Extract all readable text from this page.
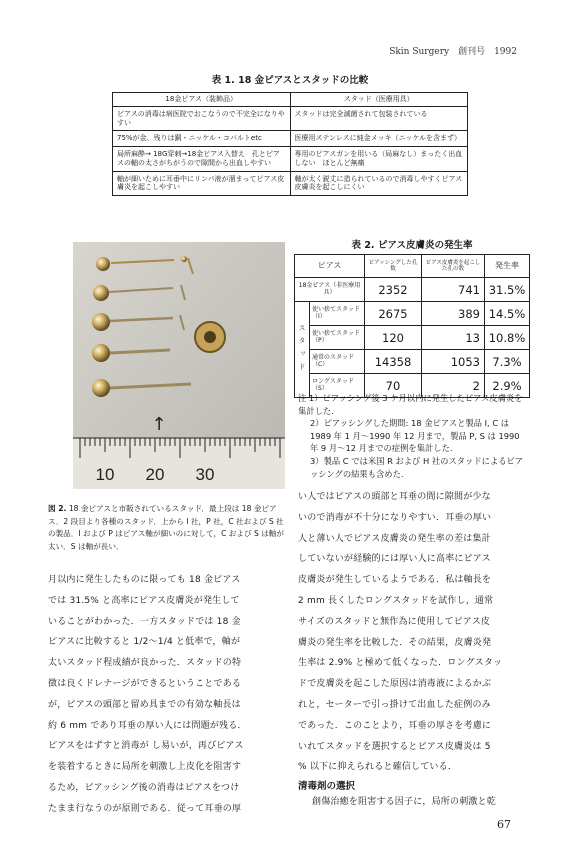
Skin Surgery　創刊号　1992
表 1. 18 金ピアスとスタッドの比較
18金ピアス（装飾品）	スタッド（医療用具）
ピアスの消毒は病医院でおこなうので不完全になりやすい	スタッドは完全滅菌されて包装されている
75%が金、残りは銅・ニッケル・コバルトetc	医療用ステンレスに純金メッキ（ニッケルを含まず）
局所麻酔→ 18G穿刺→18金ピアス入替え　孔とピアスの軸の太さがちがうので隙間から出血しやすい	専用のピアスガンを用いる（局麻なし）まったく出血しない　ほとんど無痛
軸が細いために耳垂中にリンパ液が溜まってピアス皮膚炎を起こしやすい	軸が太く鋭丈に造られているので消毒しやすくピアス皮膚炎を起こしにくい
↑
10 20 30
表 2. ピアス皮膚炎の発生率
ピアス		ピアッシングした孔数	ピアス皮膚炎を起こした孔の数	発生率
18金ピアス（非医療用具）		2352	741	31.5%
スタッド	使い捨てスタッド（I）	2675	389	14.5%
	使い捨てスタッド（P）	120	13	10.8%
	通常のスタッド（C）	14358	1053	7.3%
	ロングスタッド（S）	70	2	2.9%
注 1）ピアッシング後 3 ケ月以内に発生したピアス皮膚炎を集計した.
2）ピアッシングした期間: 18 金ピアスと製品 I, C は1989 年 1 月〜1990 年 12 月まで，製品 P, S は 1990 年 9 月〜12 月までの症例を集計した.
3）製品 C では米国 R および H 社のスタッドによるピアッシングの結果も含めた.
図 2. 18 金ピアスと市販されているスタッド．最上段は 18 金ピアス．2 段目より各種のスタッド．上から I 社，P 社，C 社および S 社の製品．I および P はピアス軸が細いのに対して，C および S は軸が太い．S は軸が長い．
月以内に発生したものに限っても 18 金ピアス
では 31.5% と高率にピアス皮膚炎が発生して
いることがわかった．一方スタッドでは 18 金
ピアスに比較すると 1/2〜1/4 と低率で，軸が
太いスタッド程成績が良かった．スタッドの特
徴は良くドレナージができるということである
が，ピアスの頭部と留め具までの有効な軸長は
約 6 mm であり耳垂の厚い人には問題が残る．
ピアスをはずすと消毒が し易いが，再びピアス
を装着するときに局所を刺激し上皮化を阻害す
るため，ピアッシング後の消毒はピアスをつけ
たまま行なうのが原則である．従って耳垂の厚
い人ではピアスの頭部と耳垂の間に隙間が少な
いので消毒が不十分になりやすい．耳垂の厚い
人と薄い人でピアス皮膚炎の発生率の差は集計
していないが経験的には厚い人に高率にピアス
皮膚炎が発生しているようである．私は軸長を
2 mm 長くしたロングスタッドを試作し，通常
サイズのスタッドと無作為に使用してピアス皮
膚炎の発生率を比較した．その結果，皮膚炎発
生率は 2.9% と極めて低くなった．ロングスタッ
ドで皮膚炎を起こした原因は消毒液によるかぶ
れと，セーターで引っ掛けて出血した症例のみ
であった．このことより，耳垂の厚さを考慮に
いれてスタッドを選択するとピアス皮膚炎は 5
% 以下に抑えられると確信している．
清毒剤の選択
創傷治癒を阻害する因子に，局所の刺激と乾
67
